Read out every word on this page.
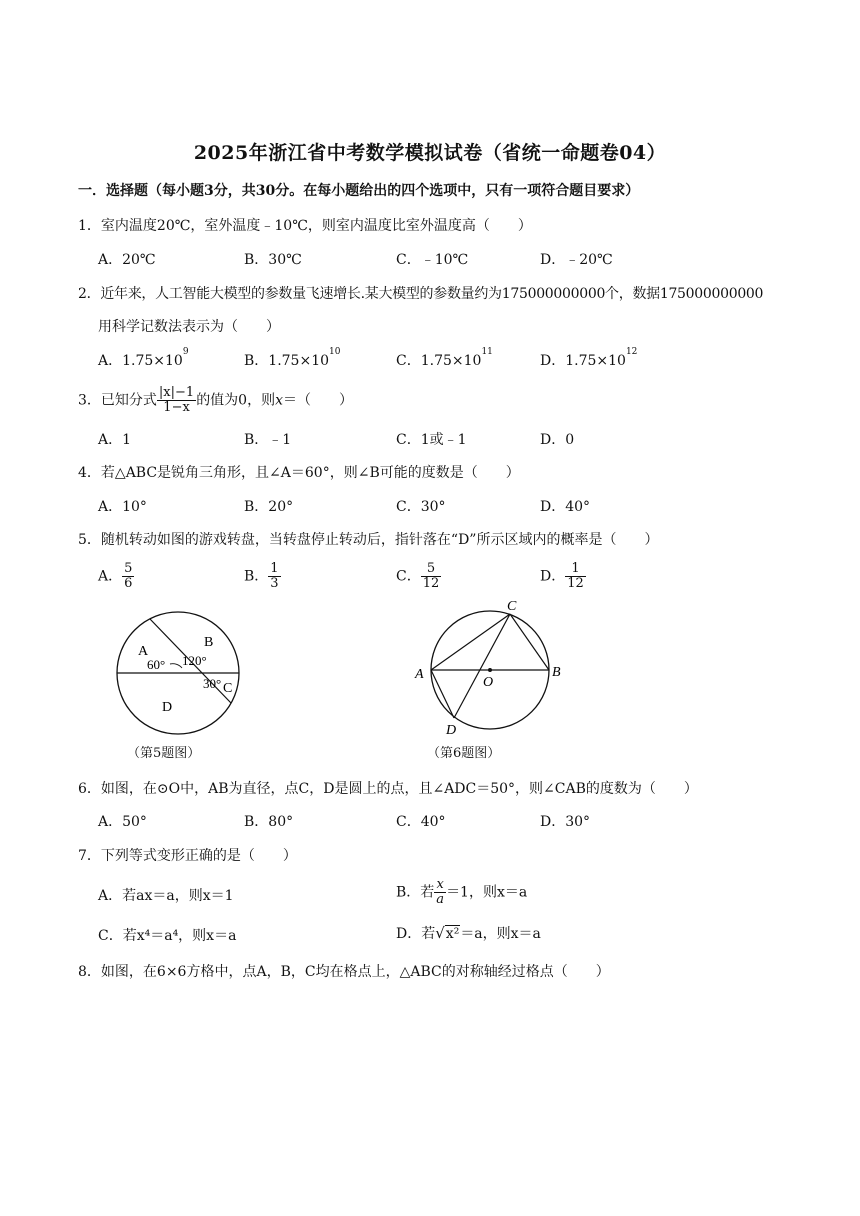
2025年浙江省中考数学模拟试卷（省统一命题卷04）
一．选择题（每小题3分，共30分。在每小题给出的四个选项中，只有一项符合题目要求）
1．室内温度20℃，室外温度﹣10℃，则室内温度比室外温度高（　　）
A．20℃	B．30℃	C．﹣10℃	D．﹣20℃
2．近年来，人工智能大模型的参数量飞速增长.某大模型的参数量约为175000000000个，数据175000000000
用科学记数法表示为（　　）
A．$1.75\times 10^9$
B．$1.75\times 10^{10}$
C．$1.75\times 10^{11}$
D．$1.75\times 10^{12}$
3．已知分式 $\frac{|x|-1}{1-x}$ 的值为0，则x＝（　　）
A．1	B．﹣1	C．1或﹣1	D．0
4．若△ABC是锐角三角形，且∠A＝60°，则∠B可能的度数是（　　）
A．10°	B．20°	C．30°	D．40°
5．随机转动如图的游戏转盘，当转盘停止转动后，指针落在“D”所示区域内的概率是（　　）
A． $\frac{5}{6}$	B． $\frac{1}{3}$	C． $\frac{5}{12}$	D． $\frac{1}{12}$
A
B
C
D
60° 120°
30°
（第5题图）
A	B
C
D
O
（第6题图）
6．如图，在⊙O中，AB为直径，点C，D是圆上的点，且∠ADC＝50°，则∠CAB的度数为（　　）
A．50°	B．80°	C．40°	D．30°
7．下列等式变形正确的是（　　）
A．若ax＝a，则x＝1	B．若 $\frac{x}{a} =1$，则x＝a
C．若x⁴＝a⁴，则x＝a	D．若√x²＝a，则x＝a
8．如图，在6×6方格中，点A，B，C均在格点上，△ABC的对称轴经过格点（　　）
